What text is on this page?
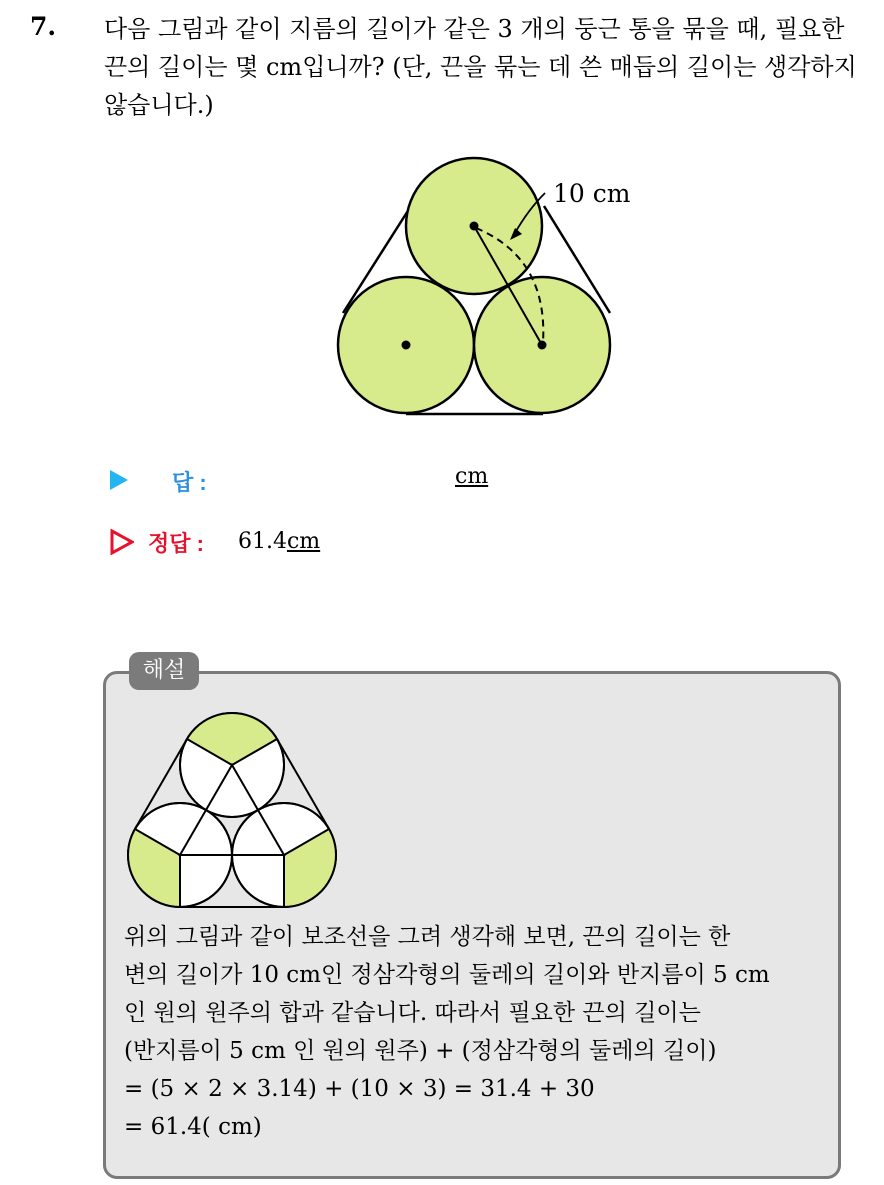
7. 다음 그림과 같이 지름의 길이가 같은 3 개의 둥근 통을 묶을 때, 필요한 끈의 길이는 몇 cm입니까? (단, 끈을 묶는 데 쓴 매듭의 길이는 생각하지 않습니다.)
10 cm
답 :	cm
정답 : 61.4cm
해설
위의 그림과 같이 보조선을 그려 생각해 보면, 끈의 길이는 한
변의 길이가 10 cm인 정삼각형의 둘레의 길이와 반지름이 5 cm
인 원의 원주의 합과 같습니다. 따라서 필요한 끈의 길이는
(반지름이 5 cm 인 원의 원주) + (정삼각형의 둘레의 길이)
= (5 × 2 × 3.14) + (10 × 3) = 31.4 + 30
= 61.4( cm)
